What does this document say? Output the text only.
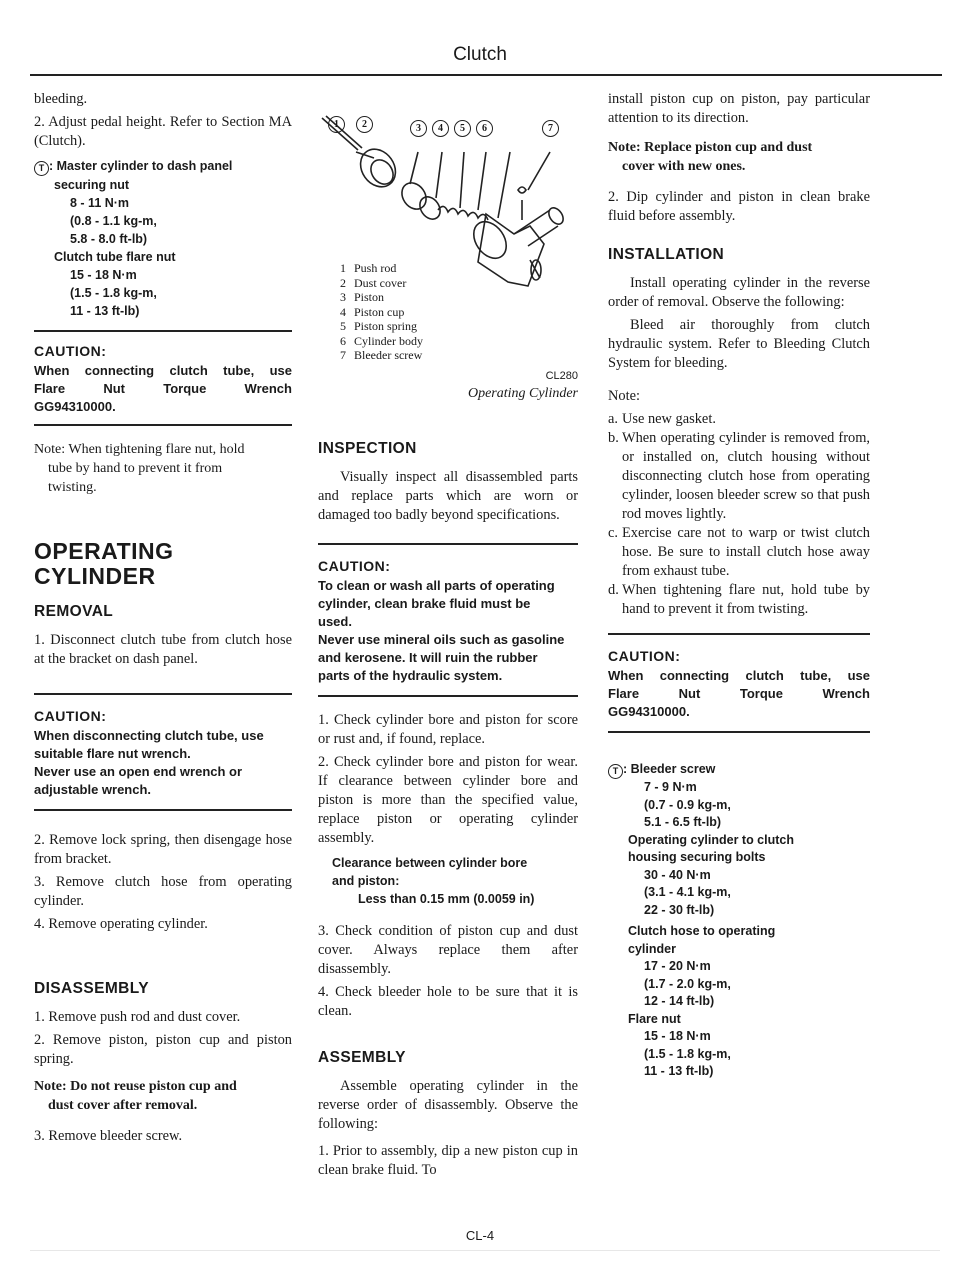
Clutch

bleeding.

2. Adjust pedal height. Refer to Section MA (Clutch).

T : Master cylinder to dash panel
securing nut
8 - 11 N·m
(0.8 - 1.1 kg-m,
5.8 - 8.0 ft-lb)
Clutch tube flare nut
15 - 18 N·m
(1.5 - 1.8 kg-m,
11 - 13 ft-lb)
CAUTION:
When connecting clutch tube, use
Flare	Nut	Torque	Wrench
GG94310000.
Note: When tightening flare nut, hold
tube by hand to prevent it from
twisting.
OPERATING
CYLINDER
REMOVAL

1. Disconnect clutch tube from clutch hose at the bracket on dash panel.

CAUTION:
When disconnecting clutch tube, use
suitable flare nut wrench.
Never use an open end wrench or
adjustable wrench.

2. Remove lock spring, then disengage hose from bracket.

3. Remove clutch hose from operating cylinder.

4. Remove operating cylinder.

DISASSEMBLY

1. Remove push rod and dust cover.

2. Remove piston, piston cup and piston spring.

Note: Do not reuse piston cup and
dust cover after removal.

3. Remove bleeder screw.

1	2	3	4	5	6	7
1 Push rod
2 Dust cover
3 Piston
4 Piston cup
5 Piston spring
6 Cylinder body
7 Bleeder screw
CL280
Operating Cylinder
INSPECTION

Visually inspect all disassembled parts and replace parts which are worn or damaged too badly beyond specifications.

CAUTION:
To clean or wash all parts of operating
cylinder, clean brake fluid must be
used.
Never use mineral oils such as gasoline
and kerosene. It will ruin the rubber
parts of the hydraulic system.

1. Check cylinder bore and piston for score or rust and, if found, replace.

2. Check cylinder bore and piston for wear. If clearance between cylinder bore and piston is more than the specified value, replace piston or operating cylinder assembly.

Clearance between cylinder bore
and piston:
Less than 0.15 mm (0.0059 in)

3. Check condition of piston cup and dust cover. Always replace them after disassembly.

4. Check bleeder hole to be sure that it is clean.

ASSEMBLY

Assemble operating cylinder in the reverse order of disassembly. Observe the following:

1. Prior to assembly, dip a new piston cup in clean brake fluid. To

install piston cup on piston, pay particular attention to its direction.

Note: Replace piston cup and dust
cover with new ones.

2. Dip cylinder and piston in clean brake fluid before assembly.

INSTALLATION

Install operating cylinder in the reverse order of removal. Observe the following:

Bleed air thoroughly from clutch hydraulic system. Refer to Bleeding Clutch System for bleeding.

Note:

a. Use new gasket.
b. When operating cylinder is removed from, or installed on, clutch housing without disconnecting clutch hose from operating cylinder, loosen bleeder screw so that push rod moves lightly.
c. Exercise care not to warp or twist clutch hose. Be sure to install clutch hose away from exhaust tube.
d. When tightening flare nut, hold tube by hand to prevent it from twisting.
CAUTION:
When connecting clutch tube, use
Flare	Nut	Torque	Wrench
GG94310000.
T : Bleeder screw
7 - 9 N·m
(0.7 - 0.9 kg-m,
5.1 - 6.5 ft-lb)
Operating cylinder to clutch
housing securing bolts
30 - 40 N·m
(3.1 - 4.1 kg-m,
22 - 30 ft-lb)
Clutch hose to operating
cylinder
17 - 20 N·m
(1.7 - 2.0 kg-m,
12 - 14 ft-lb)
Flare nut
15 - 18 N·m
(1.5 - 1.8 kg-m,
11 - 13 ft-lb)
CL-4
